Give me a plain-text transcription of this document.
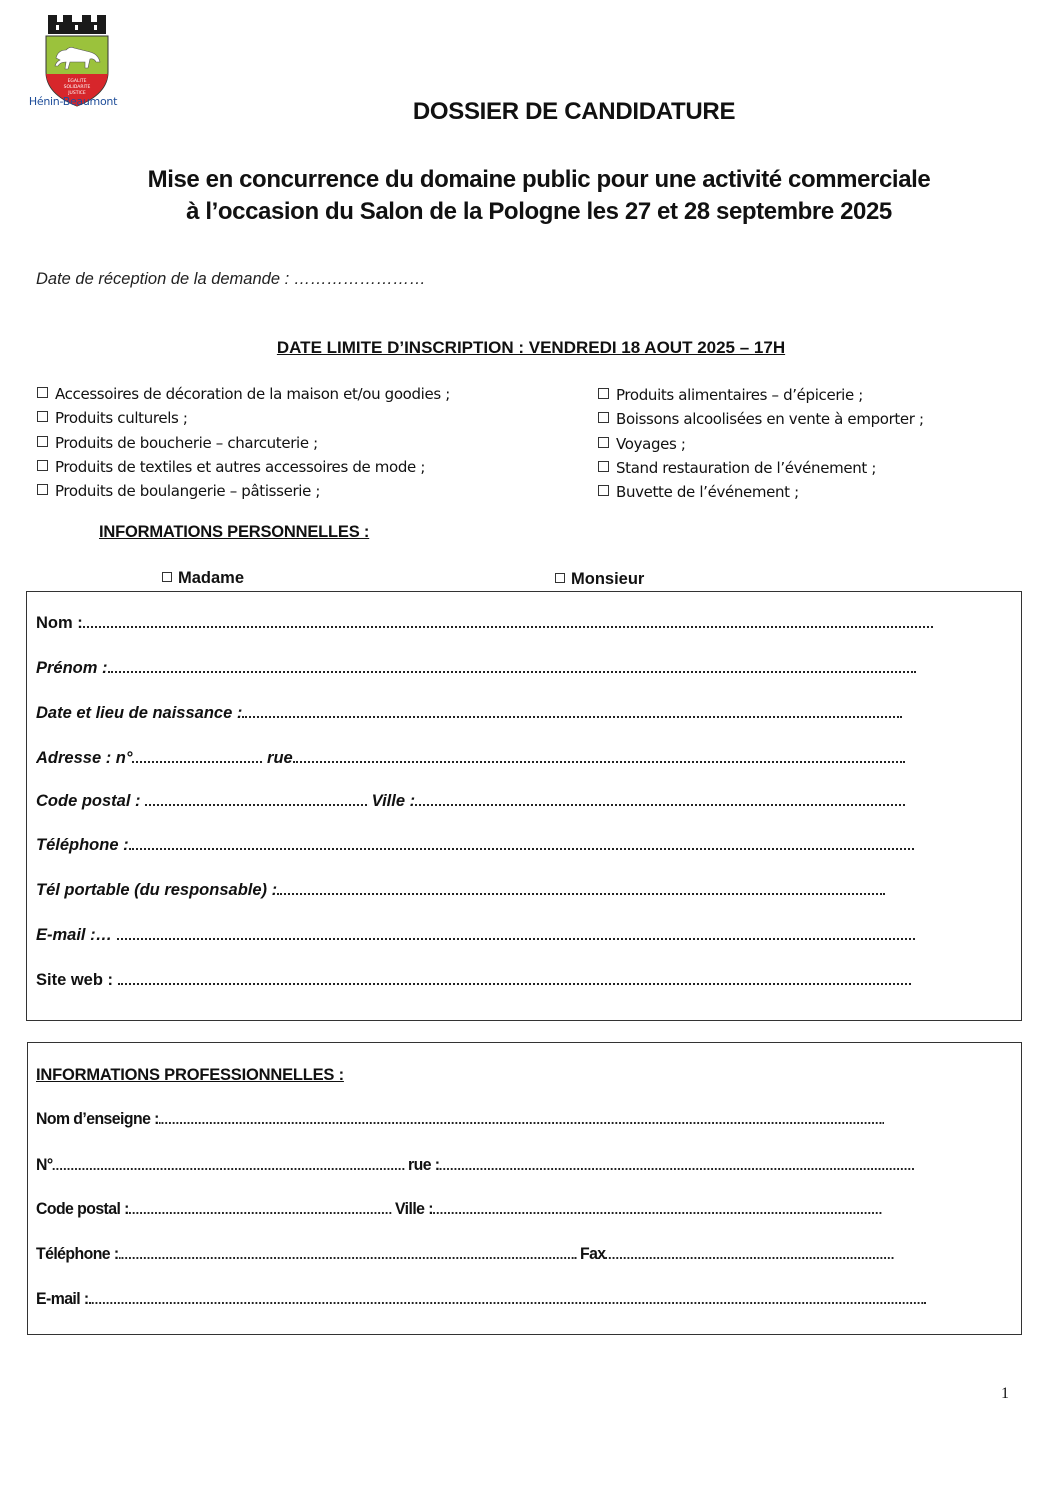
EGALITE
SOLIDARITE
JUSTICE
Hénin-Beaumont	DOSSIER DE CANDIDATURE
Mise en concurrence du domaine public pour une activité commerciale
à l’occasion du Salon de la Pologne les 27 et 28 septembre 2025
Date de réception de la demande : ……………………
DATE LIMITE D’INSCRIPTION : VENDREDI 18 AOUT 2025 – 17H
Accessoires de décoration de la maison et/ou goodies ;
Produits culturels ;
Produits de boucherie – charcuterie ;
Produits de textiles et autres accessoires de mode ;
Produits de boulangerie – pâtisserie ;
Produits alimentaires – d’épicerie ;
Boissons alcoolisées en vente à emporter ;
Voyages ;
Stand restauration de l’événement ;
Buvette de l’événement ;
INFORMATIONS PERSONNELLES :
Madame	Monsieur
Nom :
Prénom :
Date et lieu de naissance :
Adresse : n°	rue
Code postal :	Ville :
Téléphone :
Tél portable (du responsable) :
E-mail :…
Site web :
INFORMATIONS PROFESSIONNELLES :
Nom d’enseigne :
N°	rue :
Code postal :	Ville :
Téléphone :	Fax
E-mail :
1
